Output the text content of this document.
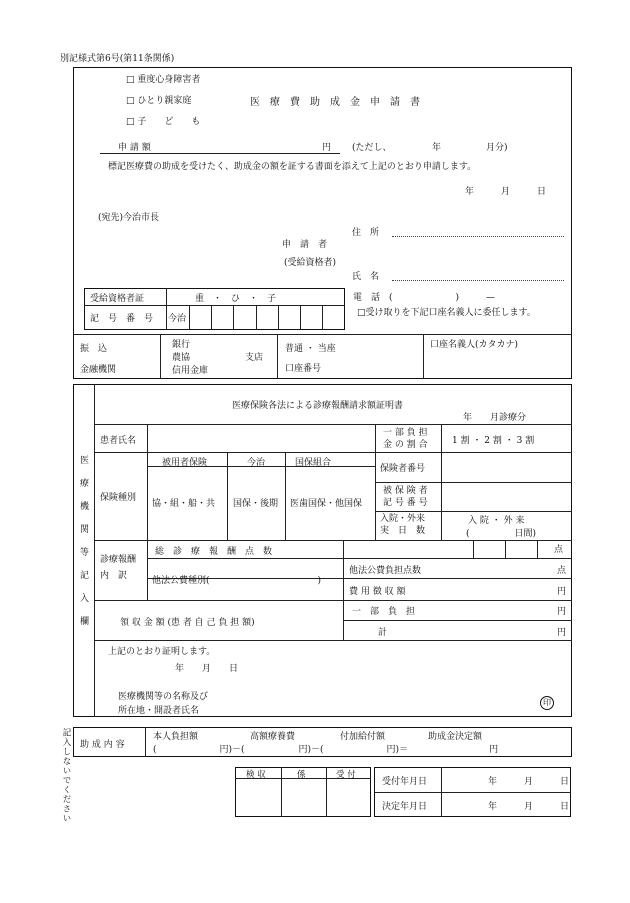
別記様式第6号(第11条関係)
□ 重度心身障害者
□ ひとり親家庭
□ 子　　ど　　も
医　療　費　助　成　金　申　請　書
申 請 額	円 (ただし、　　　　　年　　　　　月分)
標記医療費の助成を受けたく、助成金の額を証する書面を添えて上記のとおり申請します。
年　　　月　　　日
(宛先)今治市長
住　所
申　請　者
(受給資格者)
氏　名
受給資格者証	重　・　ひ　・　子
記　号　番　号 今治
電　話　(　　　　　　　)　　　—
□受け取りを下記口座名義人に委任します。
振　込
金融機関
銀行
農協
信用金庫
支店
普通 ・ 当座
口座番号
口座名義人(カタカナ)
医療機関等記入欄
医療保険各法による診療報酬請求額証明書
年　　月診療分
患者氏名
一 部 負 担
金 の 割 合	1 割 ・ 2 割 ・ 3 割
被用者保険	今治	国保組合
保険種別
協・組・船・共 国保・後期 医歯国保・他国保
保険者番号
被 保 険 者
記 号 番 号
入院・外来
実　日　数
入 院 ・ 外 来
(　　　　　日間)
診療報酬
内　訳
総　診　療　報　酬　点　数	点
他法公費負担点数	点
他法公費種別(　　　　　　　　　　　　)
費 用 徴 収 額	円
領 収 金 額 (患 者 自 己 負 担 額)
一　部　負　担	円
計	円
上記のとおり証明します。
年　　月　　日
医療機関等の名称及び
所在地・開設者氏名
印
記入しないでください 助 成 内 容
本人負担額	高額療養費	付加給付額	助成金決定額
(　　　　　　　円)－(　　　　　　円)－(　　　　　　　円)＝　　　　　　　　　円
検 収	係	受 付
受付年月日	年　　　月　　　日
決定年月日	年　　　月　　　日
